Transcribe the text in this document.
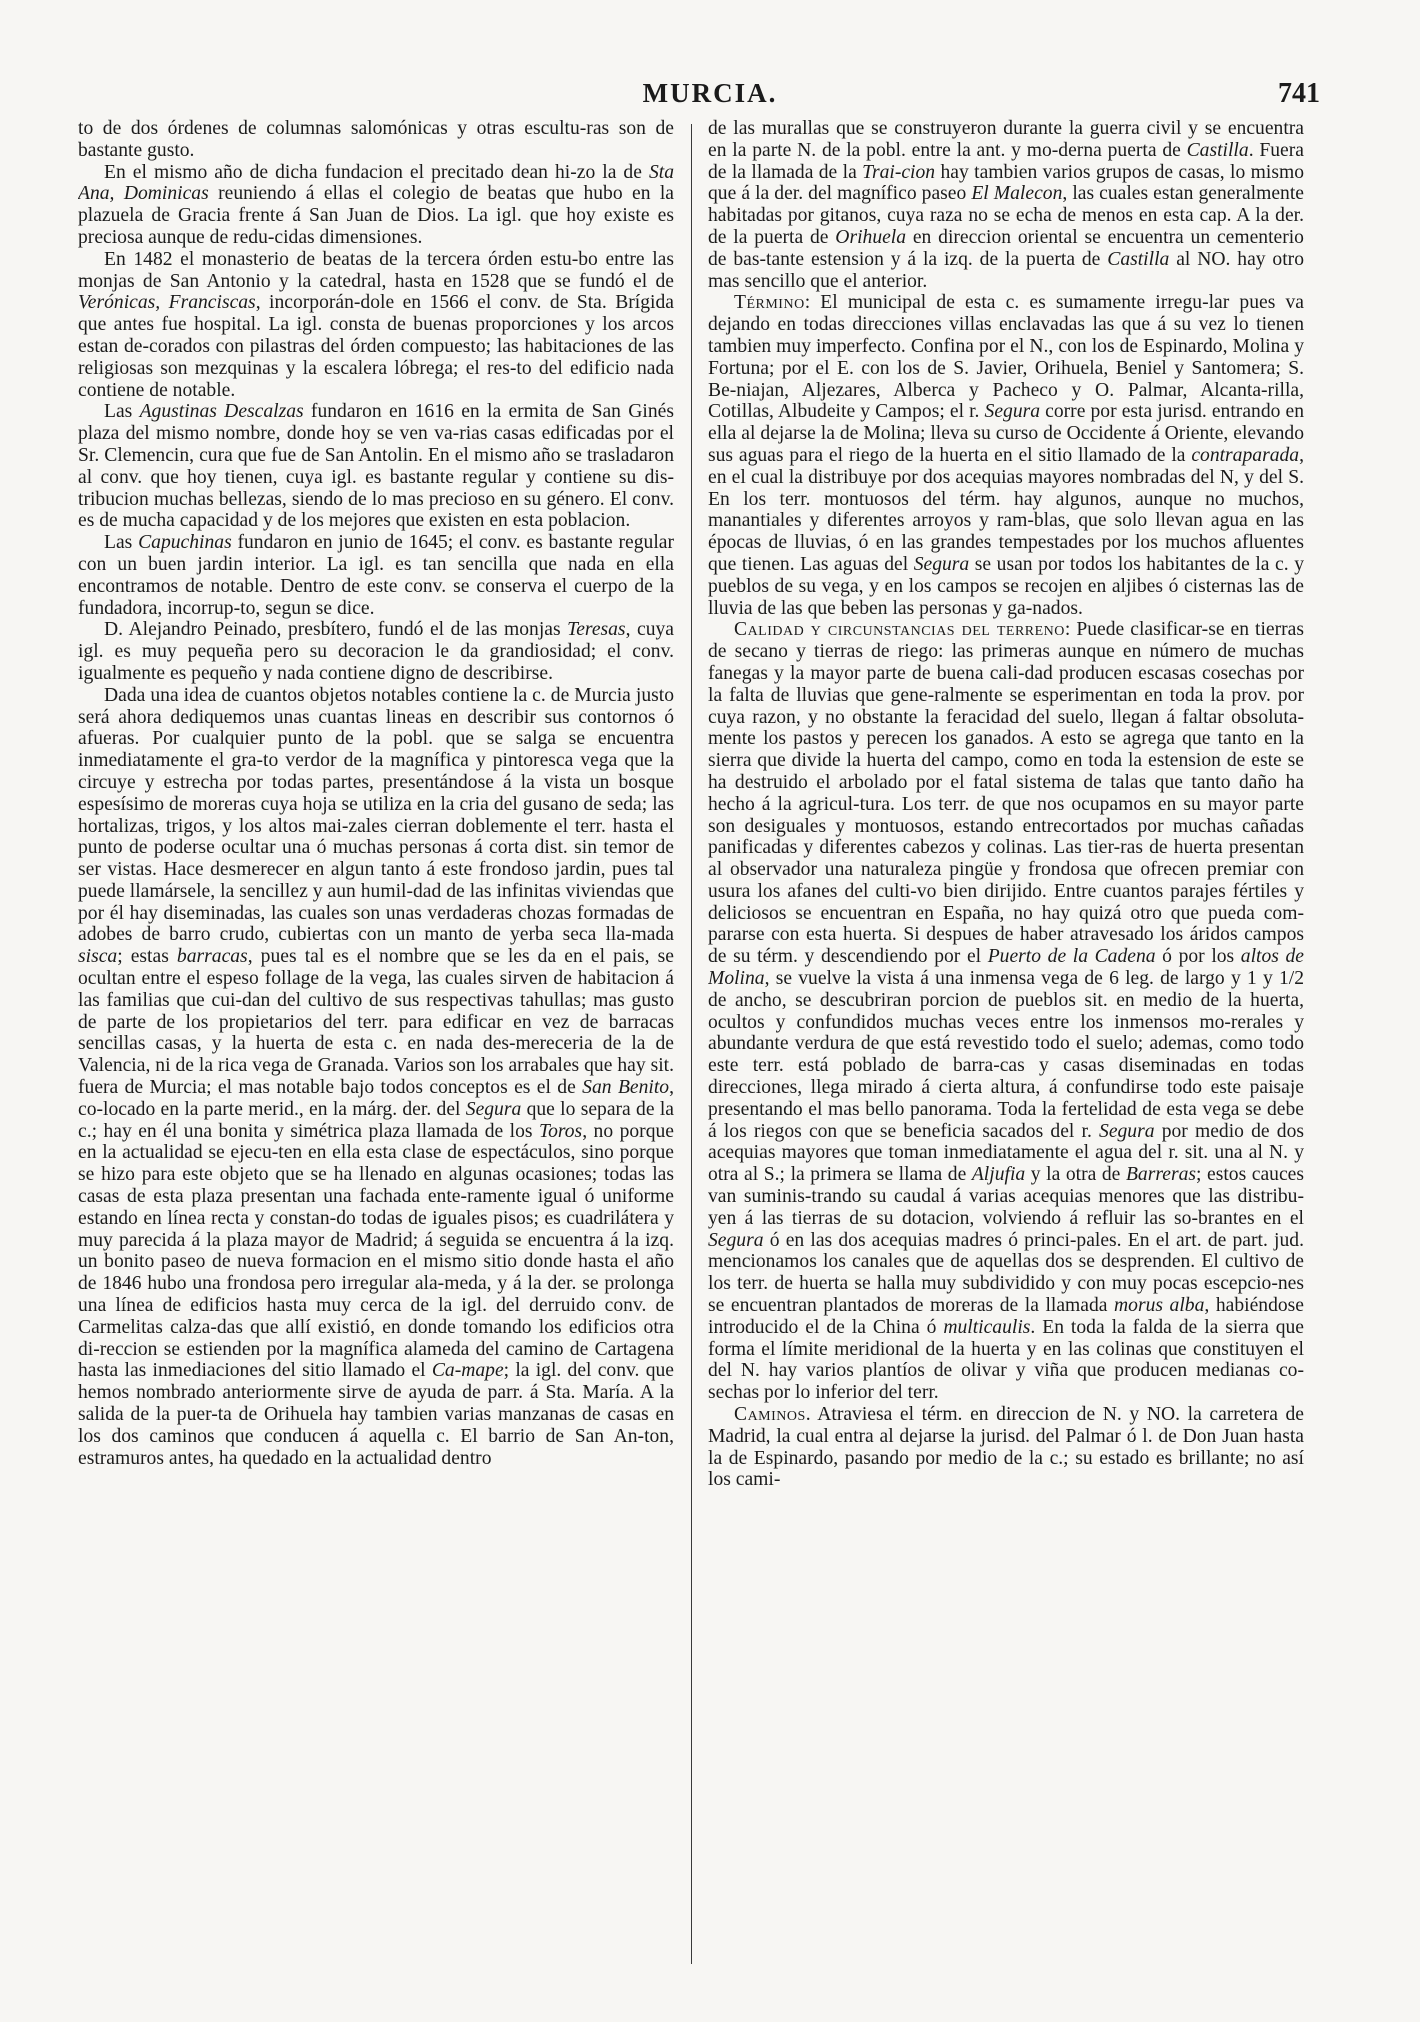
MURCIA.	741

to de dos órdenes de columnas salomónicas y otras escultu-ras son de bastante gusto.

En el mismo año de dicha fundacion el precitado dean hi-zo la de Sta Ana, Dominicas reuniendo á ellas el colegio de beatas que hubo en la plazuela de Gracia frente á San Juan de Dios. La igl. que hoy existe es preciosa aunque de redu-cidas dimensiones.

En 1482 el monasterio de beatas de la tercera órden estu-bo entre las monjas de San Antonio y la catedral, hasta en 1528 que se fundó el de Verónicas, Franciscas, incorporán-dole en 1566 el conv. de Sta. Brígida que antes fue hospital. La igl. consta de buenas proporciones y los arcos estan de-corados con pilastras del órden compuesto; las habitaciones de las religiosas son mezquinas y la escalera lóbrega; el res-to del edificio nada contiene de notable.

Las Agustinas Descalzas fundaron en 1616 en la ermita de San Ginés plaza del mismo nombre, donde hoy se ven va-rias casas edificadas por el Sr. Clemencin, cura que fue de San Antolin. En el mismo año se trasladaron al conv. que hoy tienen, cuya igl. es bastante regular y contiene su dis-tribucion muchas bellezas, siendo de lo mas precioso en su género. El conv. es de mucha capacidad y de los mejores que existen en esta poblacion.

Las Capuchinas fundaron en junio de 1645; el conv. es bastante regular con un buen jardin interior. La igl. es tan sencilla que nada en ella encontramos de notable. Dentro de este conv. se conserva el cuerpo de la fundadora, incorrup-to, segun se dice.

D. Alejandro Peinado, presbítero, fundó el de las monjas Teresas, cuya igl. es muy pequeña pero su decoracion le da grandiosidad; el conv. igualmente es pequeño y nada contiene digno de describirse.

Dada una idea de cuantos objetos notables contiene la c. de Murcia justo será ahora dediquemos unas cuantas lineas en describir sus contornos ó afueras. Por cualquier punto de la pobl. que se salga se encuentra inmediatamente el gra-to verdor de la magnífica y pintoresca vega que la circuye y estrecha por todas partes, presentándose á la vista un bosque espesísimo de moreras cuya hoja se utiliza en la cria del gusano de seda; las hortalizas, trigos, y los altos mai-zales cierran doblemente el terr. hasta el punto de poderse ocultar una ó muchas personas á corta dist. sin temor de ser vistas. Hace desmerecer en algun tanto á este frondoso jardin, pues tal puede llamársele, la sencillez y aun humil-dad de las infinitas viviendas que por él hay diseminadas, las cuales son unas verdaderas chozas formadas de adobes de barro crudo, cubiertas con un manto de yerba seca lla-mada sisca; estas barracas, pues tal es el nombre que se les da en el pais, se ocultan entre el espeso follage de la vega, las cuales sirven de habitacion á las familias que cui-dan del cultivo de sus respectivas tahullas; mas gusto de parte de los propietarios del terr. para edificar en vez de barracas sencillas casas, y la huerta de esta c. en nada des-mereceria de la de Valencia, ni de la rica vega de Granada. Varios son los arrabales que hay sit. fuera de Murcia; el mas notable bajo todos conceptos es el de San Benito, co-locado en la parte merid., en la márg. der. del Segura que lo separa de la c.; hay en él una bonita y simétrica plaza llamada de los Toros, no porque en la actualidad se ejecu-ten en ella esta clase de espectáculos, sino porque se hizo para este objeto que se ha llenado en algunas ocasiones; todas las casas de esta plaza presentan una fachada ente-ramente igual ó uniforme estando en línea recta y constan-do todas de iguales pisos; es cuadrilátera y muy parecida á la plaza mayor de Madrid; á seguida se encuentra á la izq. un bonito paseo de nueva formacion en el mismo sitio donde hasta el año de 1846 hubo una frondosa pero irregular ala-meda, y á la der. se prolonga una línea de edificios hasta muy cerca de la igl. del derruido conv. de Carmelitas calza-das que allí existió, en donde tomando los edificios otra di-reccion se estienden por la magnífica alameda del camino de Cartagena hasta las inmediaciones del sitio llamado el Ca-mape; la igl. del conv. que hemos nombrado anteriormente sirve de ayuda de parr. á Sta. María. A la salida de la puer-ta de Orihuela hay tambien varias manzanas de casas en los dos caminos que conducen á aquella c. El barrio de San An-ton, estramuros antes, ha quedado en la actualidad dentro

de las murallas que se construyeron durante la guerra civil y se encuentra en la parte N. de la pobl. entre la ant. y mo-derna puerta de Castilla. Fuera de la llamada de la Trai-cion hay tambien varios grupos de casas, lo mismo que á la der. del magnífico paseo El Malecon, las cuales estan generalmente habitadas por gitanos, cuya raza no se echa de menos en esta cap. A la der. de la puerta de Orihuela en direccion oriental se encuentra un cementerio de bas-tante estension y á la izq. de la puerta de Castilla al NO. hay otro mas sencillo que el anterior.

Término: El municipal de esta c. es sumamente irregu-lar pues va dejando en todas direcciones villas enclavadas las que á su vez lo tienen tambien muy imperfecto. Confina por el N., con los de Espinardo, Molina y Fortuna; por el E. con los de S. Javier, Orihuela, Beniel y Santomera; S. Be-niajan, Aljezares, Alberca y Pacheco y O. Palmar, Alcanta-rilla, Cotillas, Albudeite y Campos; el r. Segura corre por esta jurisd. entrando en ella al dejarse la de Molina; lleva su curso de Occidente á Oriente, elevando sus aguas para el riego de la huerta en el sitio llamado de la contraparada, en el cual la distribuye por dos acequias mayores nombradas del N, y del S. En los terr. montuosos del térm. hay algunos, aunque no muchos, manantiales y diferentes arroyos y ram-blas, que solo llevan agua en las épocas de lluvias, ó en las grandes tempestades por los muchos afluentes que tienen. Las aguas del Segura se usan por todos los habitantes de la c. y pueblos de su vega, y en los campos se recojen en aljibes ó cisternas las de lluvia de las que beben las personas y ga-nados.

Calidad y circunstancias del terreno: Puede clasificar-se en tierras de secano y tierras de riego: las primeras aunque en número de muchas fanegas y la mayor parte de buena cali-dad producen escasas cosechas por la falta de lluvias que gene-ralmente se esperimentan en toda la prov. por cuya razon, y no obstante la feracidad del suelo, llegan á faltar obsoluta-mente los pastos y perecen los ganados. A esto se agrega que tanto en la sierra que divide la huerta del campo, como en toda la estension de este se ha destruido el arbolado por el fatal sistema de talas que tanto daño ha hecho á la agricul-tura. Los terr. de que nos ocupamos en su mayor parte son desiguales y montuosos, estando entrecortados por muchas cañadas panificadas y diferentes cabezos y colinas. Las tier-ras de huerta presentan al observador una naturaleza pingüe y frondosa que ofrecen premiar con usura los afanes del culti-vo bien dirijido. Entre cuantos parajes fértiles y deliciosos se encuentran en España, no hay quizá otro que pueda com-pararse con esta huerta. Si despues de haber atravesado los áridos campos de su térm. y descendiendo por el Puerto de la Cadena ó por los altos de Molina, se vuelve la vista á una inmensa vega de 6 leg. de largo y 1 y 1/2 de ancho, se descubriran porcion de pueblos sit. en medio de la huerta, ocultos y confundidos muchas veces entre los inmensos mo-rerales y abundante verdura de que está revestido todo el suelo; ademas, como todo este terr. está poblado de barra-cas y casas diseminadas en todas direcciones, llega mirado á cierta altura, á confundirse todo este paisaje presentando el mas bello panorama. Toda la fertelidad de esta vega se debe á los riegos con que se beneficia sacados del r. Segura por medio de dos acequias mayores que toman inmediatamente el agua del r. sit. una al N. y otra al S.; la primera se llama de Aljufia y la otra de Barreras; estos cauces van suminis-trando su caudal á varias acequias menores que las distribu-yen á las tierras de su dotacion, volviendo á refluir las so-brantes en el Segura ó en las dos acequias madres ó princi-pales. En el art. de part. jud. mencionamos los canales que de aquellas dos se desprenden. El cultivo de los terr. de huerta se halla muy subdividido y con muy pocas escepcio-nes se encuentran plantados de moreras de la llamada morus alba, habiéndose introducido el de la China ó multicaulis. En toda la falda de la sierra que forma el límite meridional de la huerta y en las colinas que constituyen el del N. hay varios plantíos de olivar y viña que producen medianas co-sechas por lo inferior del terr.

Caminos. Atraviesa el térm. en direccion de N. y NO. la carretera de Madrid, la cual entra al dejarse la jurisd. del Palmar ó l. de Don Juan hasta la de Espinardo, pasando por medio de la c.; su estado es brillante; no así los cami-
